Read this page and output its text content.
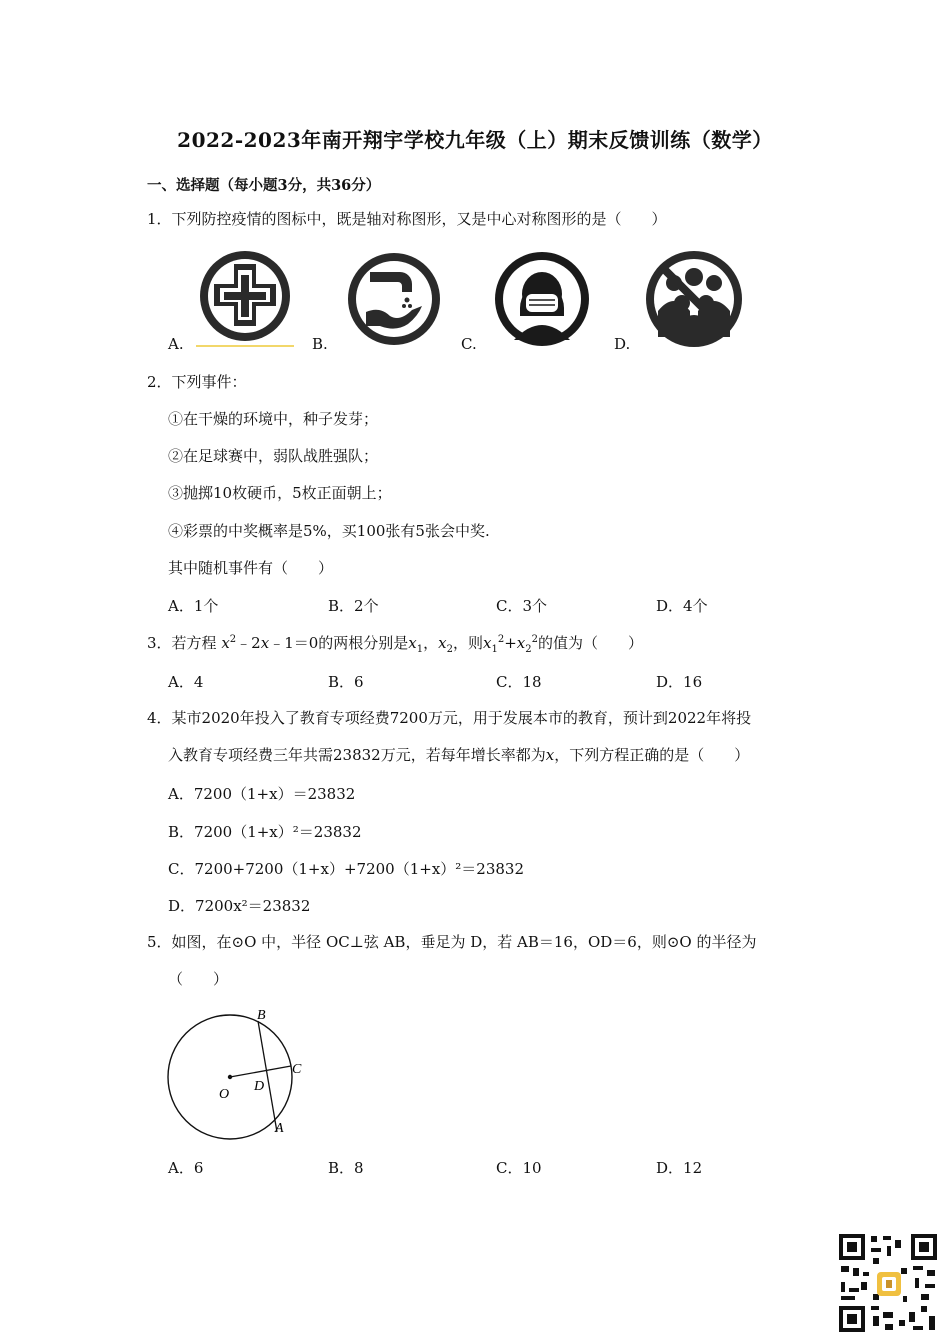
2022-2023年南开翔宇学校九年级（上）期末反馈训练（数学）
一、选择题（每小题3分，共36分）
1．下列防控疫情的图标中，既是轴对称图形，又是中心对称图形的是（　　）
A.	B.	C.	D.
2．下列事件：
①在干燥的环境中，种子发芽；
②在足球赛中，弱队战胜强队；
③抛掷10枚硬币，5枚正面朝上；
④彩票的中奖概率是5%，买100张有5张会中奖.
其中随机事件有（　　）
A．1个	B．2个	C．3个	D．4个
3．若方程 $x^2﹣2x﹣1=0$的两根分别是$x_1$，$x_2$，则$x_1^2+x_2^2$的值为（　　）
A．4	B．6	C．18	D．16
4．某市2020年投入了教育专项经费7200万元，用于发展本市的教育，预计到2022年将投
入教育专项经费三年共需23832万元，若每年增长率都为x，下列方程正确的是（　　）
A．7200（1+x）＝23832
B．7200（1+x）²＝23832
C．7200+7200（1+x）+7200（1+x）²＝23832
D．7200x²＝23832
5．如图，在⊙O 中，半径 OC⊥弦 AB，垂足为 D，若 AB＝16，OD＝6，则⊙O 的半径为
（　　）
B
C
D
O
A
A．6	B．8	C．10	D．12
